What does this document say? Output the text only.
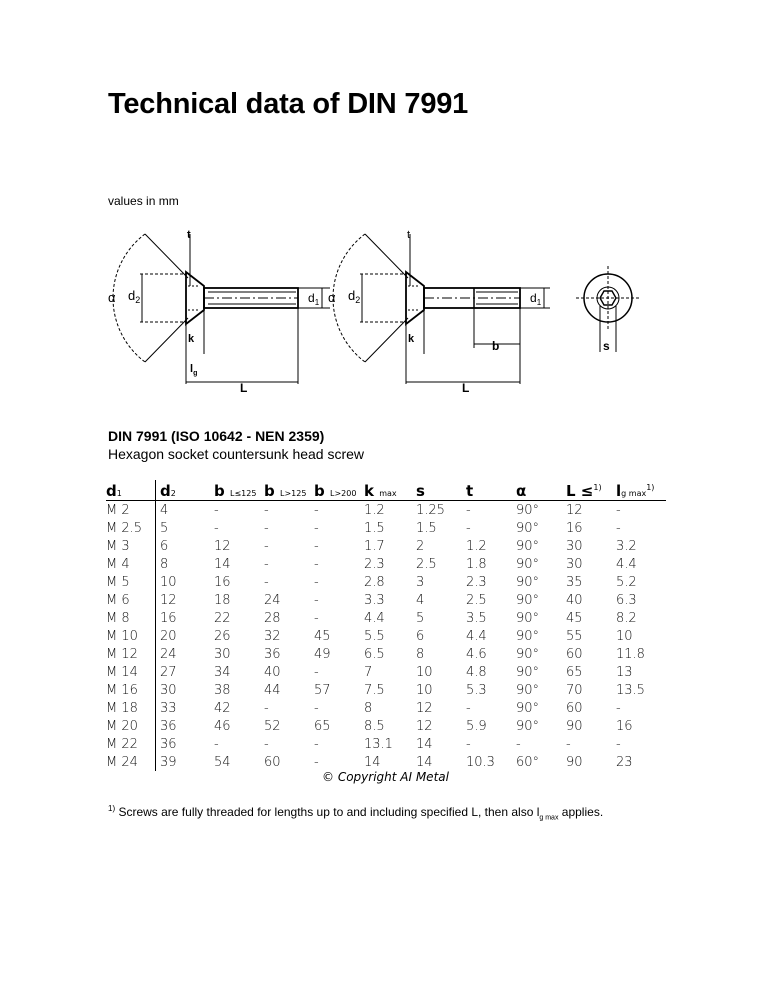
Technical data of DIN 7991
values in mm
α $d_2$
t
k
$l_g$
L
$d_1$ α $d_2$
t
k	b
L
$d_1$
s
DIN 7991 (ISO 10642 - NEN 2359)
Hexagon socket countersunk head screw
d1	d2	b L≤125	b L>125	b L>200	k max	s	t	α	L ≤$^{1)}$	lg max$^{1)}$
M 2	4	-	-	-	1.2	1.25	-	90°	12	-
M 2.5	5	-	-	-	1.5	1.5	-	90°	16	-
M 3	6	12	-	-	1.7	2	1.2	90°	30	3.2
M 4	8	14	-	-	2.3	2.5	1.8	90°	30	4.4
M 5	10	16	-	-	2.8	3	2.3	90°	35	5.2
M 6	12	18	24	-	3.3	4	2.5	90°	40	6.3
M 8	16	22	28	-	4.4	5	3.5	90°	45	8.2
M 10	20	26	32	45	5.5	6	4.4	90°	55	10
M 12	24	30	36	49	6.5	8	4.6	90°	60	11.8
M 14	27	34	40	-	7	10	4.8	90°	65	13
M 16	30	38	44	57	7.5	10	5.3	90°	70	13.5
M 18	33	42	-	-	8	12	-	90°	60	-
M 20	36	46	52	65	8.5	12	5.9	90°	90	16
M 22	36	-	-	-	13.1	14	-	-	-	-
M 24	39	54	60	-	14	14	10.3	60°	90	23
© Copyright AI Metal
$^{1)}$ Screws are fully threaded for lengths up to and including specified L, then also $l_{g max}$ applies.
